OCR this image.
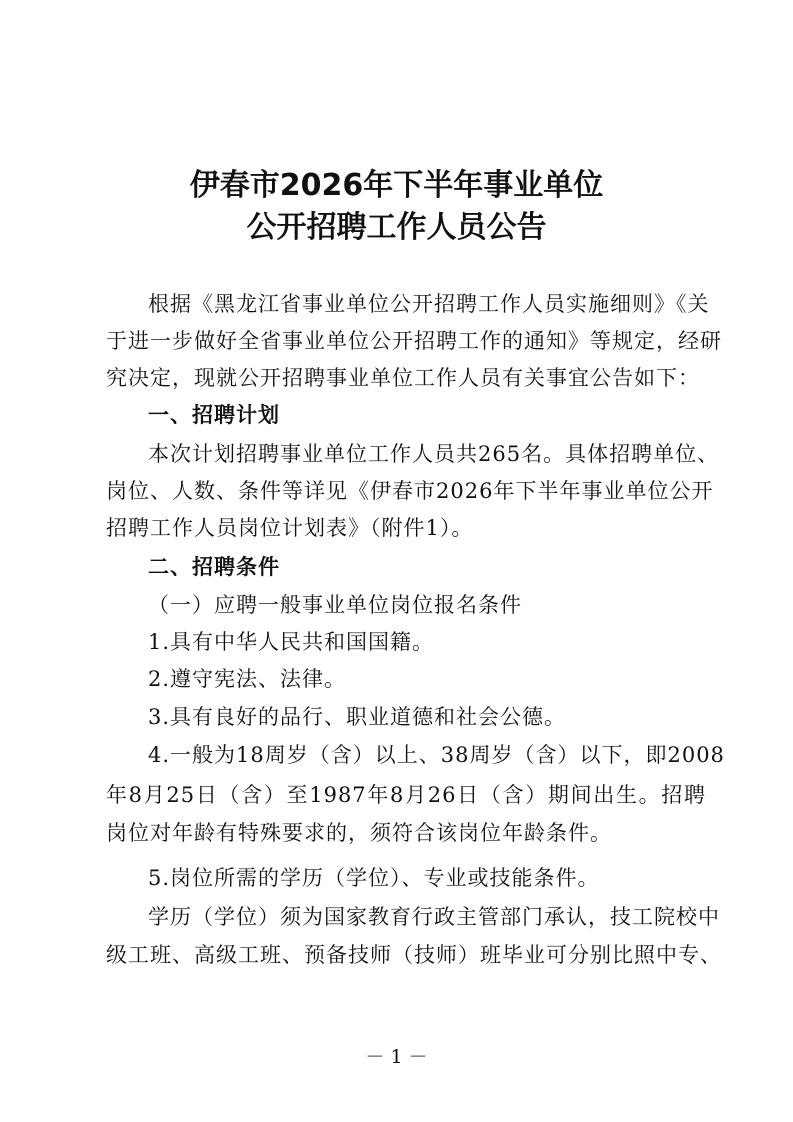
伊春市2026年下半年事业单位
公开招聘工作人员公告
根据《黑龙江省事业单位公开招聘工作人员实施细则》《关
于进一步做好全省事业单位公开招聘工作的通知》等规定，经研
究决定，现就公开招聘事业单位工作人员有关事宜公告如下：
一、招聘计划
本次计划招聘事业单位工作人员共265名。具体招聘单位、
岗位、人数、条件等详见《伊春市2026年下半年事业单位公开
招聘工作人员岗位计划表》（附件1）。
二、招聘条件
（一）应聘一般事业单位岗位报名条件
1.具有中华人民共和国国籍。
2.遵守宪法、法律。
3.具有良好的品行、职业道德和社会公德。
4.一般为18周岁（含）以上、38周岁（含）以下，即2008
年8月25日（含）至1987年8月26日（含）期间出生。招聘
岗位对年龄有特殊要求的，须符合该岗位年龄条件。
5.岗位所需的学历（学位）、专业或技能条件。
学历（学位）须为国家教育行政主管部门承认，技工院校中
级工班、高级工班、预备技师（技师）班毕业可分别比照中专、
－ 1 －
